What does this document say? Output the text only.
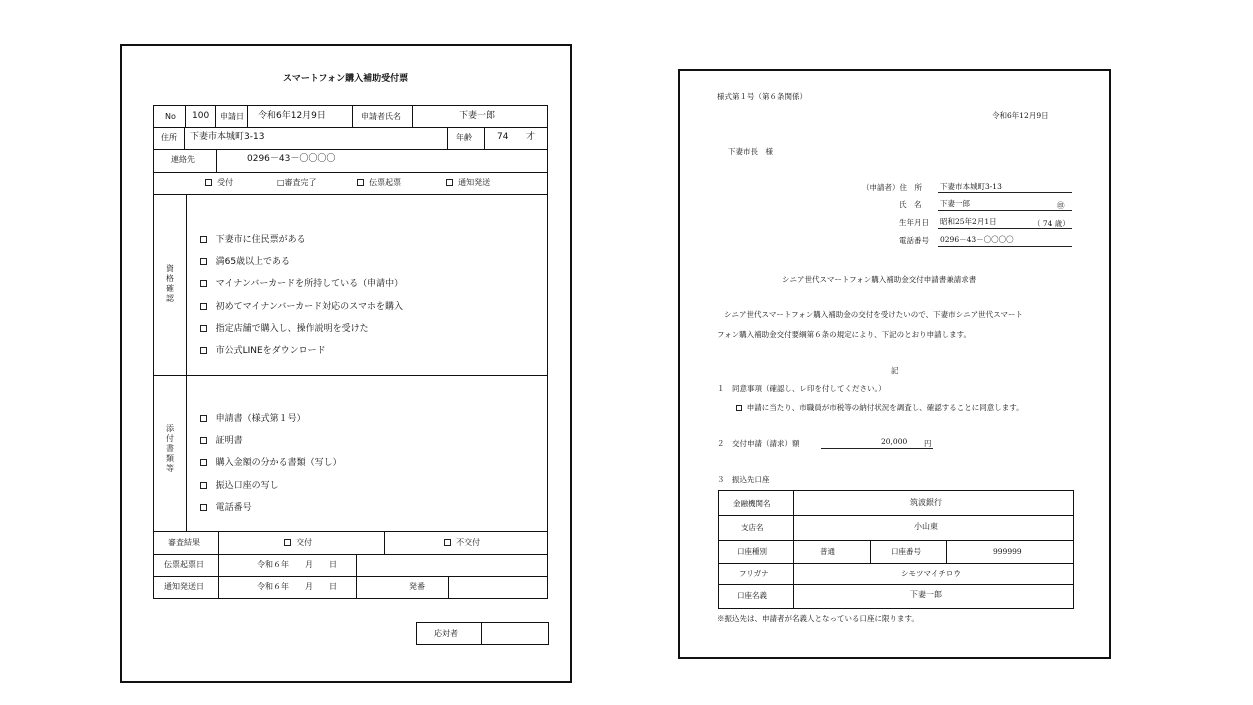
スマートフォン購入補助受付票
No 100 申請日 令和6年12月9日	申請者氏名	下妻一郎
住所 下妻市本城町3-13	年齢	74 才
連絡先	0296－43－〇〇〇〇
受付	□審査完了	伝票起票	通知発送
資
格
確
認
下妻市に住民票がある
満65歳以上である
マイナンバーカードを所持している（申請中）
初めてマイナンバーカード対応のスマホを購入
指定店舗で購入し、操作説明を受けた
市公式LINEをダウンロード
添
付
書
類
等
申請書（様式第１号）
証明書
購入金額の分かる書類（写し）
振込口座の写し
電話番号
審査結果	交付	不交付
伝票起票日	令和６年　　月　　日
通知発送日	令和６年　　月　　日	発番
応対者
様式第１号（第６条関係）
令和6年12月9日
下妻市長　様
（申請者）住　所 下妻市本城町3-13
氏　名 下妻一郎	㊞
生年月日 昭和25年2月1日	（ 74 歳）
電話番号 0296－43－〇〇〇〇
シニア世代スマートフォン購入補助金交付申請書兼請求書
シニア世代スマートフォン購入補助金の交付を受けたいので、下妻市シニア世代スマート
フォン購入補助金交付要綱第６条の規定により、下記のとおり申請します。
記
１　同意事項（確認し、レ印を付してください。）
申請に当たり、市職員が市税等の納付状況を調査し、確認することに同意します。
２　交付申請（請求）額	20,000 円
３　振込先口座
金融機関名	筑波銀行
支店名	小山東
口座種別	普通	口座番号	999999
フリガナ	シモツマイチロウ
口座名義	下妻一郎
※振込先は、申請者が名義人となっている口座に限ります。
